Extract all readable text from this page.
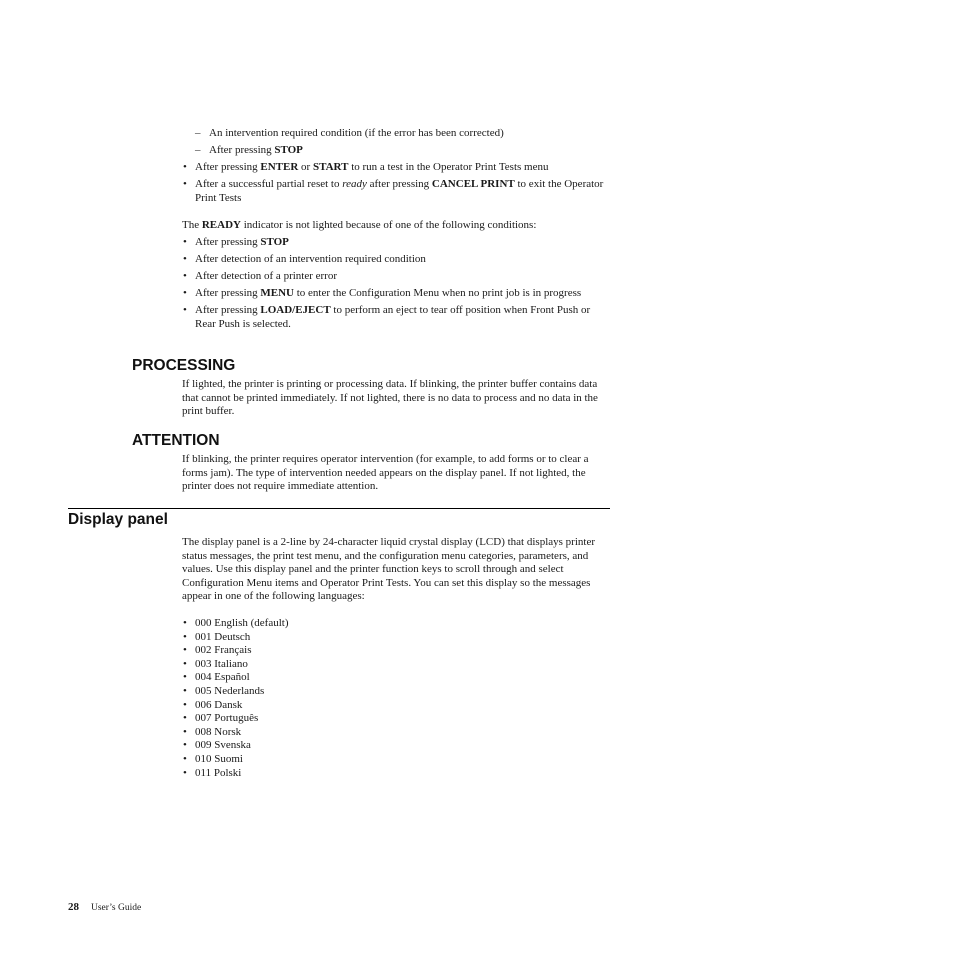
– An intervention required condition (if the error has been corrected)
– After pressing STOP
• After pressing ENTER or START to run a test in the Operator Print Tests menu
• After a successful partial reset to ready after pressing CANCEL PRINT to exit the Operator Print Tests

The READY indicator is not lighted because of one of the following conditions:

• After pressing STOP
• After detection of an intervention required condition
• After detection of a printer error
• After pressing MENU to enter the Configuration Menu when no print job is in progress
• After pressing LOAD/EJECT to perform an eject to tear off position when Front Push or Rear Push is selected.
PROCESSING

If lighted, the printer is printing or processing data. If blinking, the printer buffer contains data that cannot be printed immediately. If not lighted, there is no data to process and no data in the print buffer.

ATTENTION

If blinking, the printer requires operator intervention (for example, to add forms or to clear a forms jam). The type of intervention needed appears on the display panel. If not lighted, the printer does not require immediate attention.

Display panel

The display panel is a 2-line by 24-character liquid crystal display (LCD) that displays printer status messages, the print test menu, and the configuration menu categories, parameters, and values. Use this display panel and the printer function keys to scroll through and select Configuration Menu items and Operator Print Tests. You can set this display so the messages appear in one of the following languages:

• 000 English (default)
• 001 Deutsch
• 002 Français
• 003 Italiano
• 004 Español
• 005 Nederlands
• 006 Dansk
• 007 Português
• 008 Norsk
• 009 Svenska
• 010 Suomi
• 011 Polski
28 User’s Guide
